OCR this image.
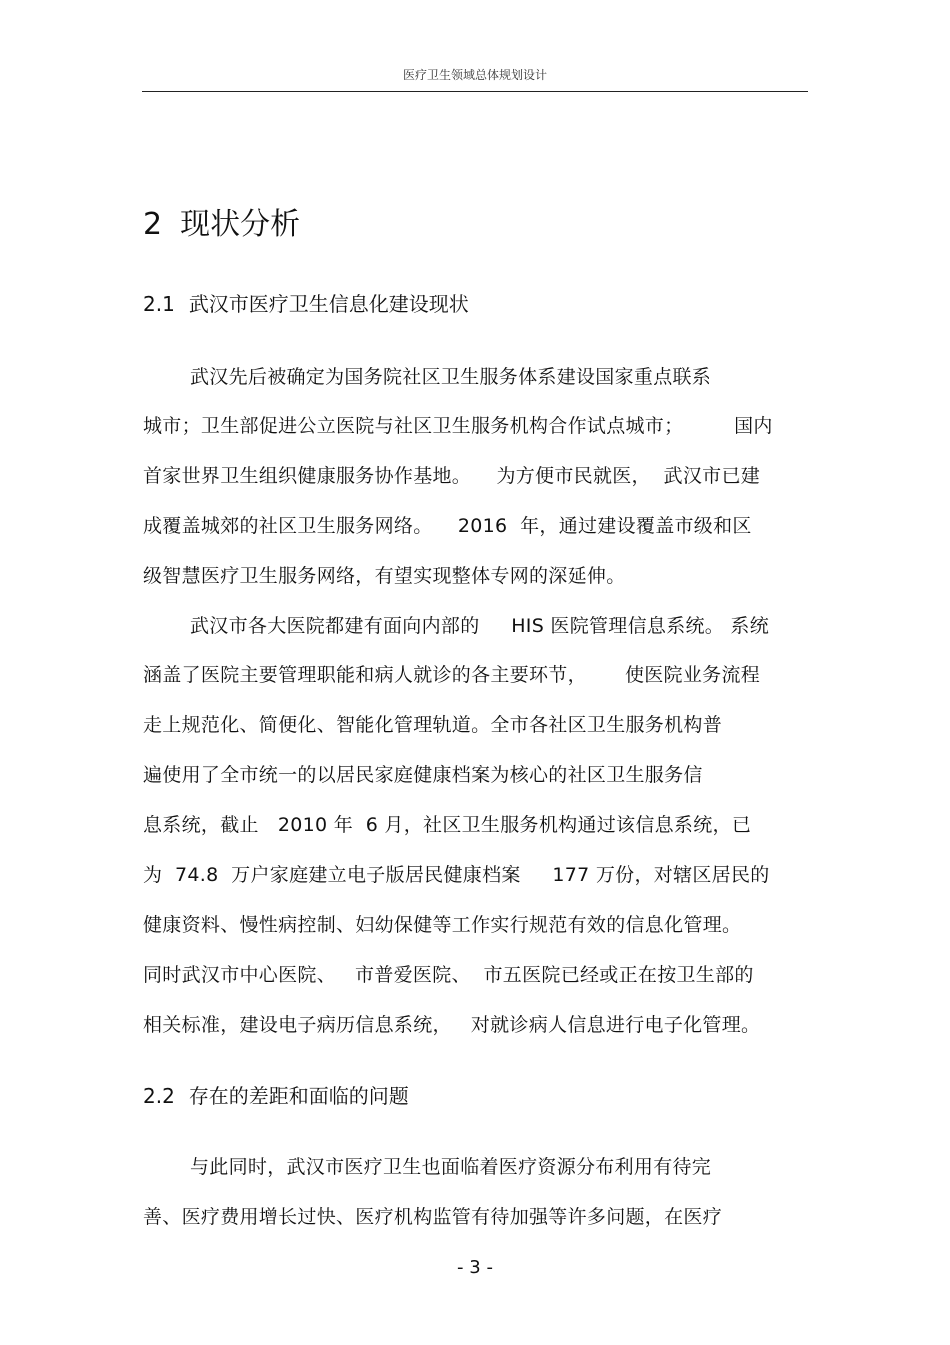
医疗卫生领域总体规划设计
2 现状分析
2.1 武汉市医疗卫生信息化建设现状
武汉先后被确定为国务院社区卫生服务体系建设国家重点联系
城市；卫生部促进公立医院与社区卫生服务机构合作试点城市；        国内
首家世界卫生组织健康服务协作基地。    为方便市民就医，  武汉市已建
成覆盖城郊的社区卫生服务网络。    2016  年，通过建设覆盖市级和区
级智慧医疗卫生服务网络，有望实现整体专网的深延伸。
武汉市各大医院都建有面向内部的     HIS 医院管理信息系统。 系统
涵盖了医院主要管理职能和病人就诊的各主要环节，      使医院业务流程
走上规范化、简便化、智能化管理轨道。全市各社区卫生服务机构普
遍使用了全市统一的以居民家庭健康档案为核心的社区卫生服务信
息系统，截止   2010 年  6 月，社区卫生服务机构通过该信息系统，已
为  74.8  万户家庭建立电子版居民健康档案     177 万份，对辖区居民的
健康资料、慢性病控制、妇幼保健等工作实行规范有效的信息化管理。
同时武汉市中心医院、   市普爱医院、  市五医院已经或正在按卫生部的
相关标准，建设电子病历信息系统，   对就诊病人信息进行电子化管理。
2.2 存在的差距和面临的问题
与此同时，武汉市医疗卫生也面临着医疗资源分布利用有待完
善、医疗费用增长过快、医疗机构监管有待加强等许多问题，在医疗
- 3 -
